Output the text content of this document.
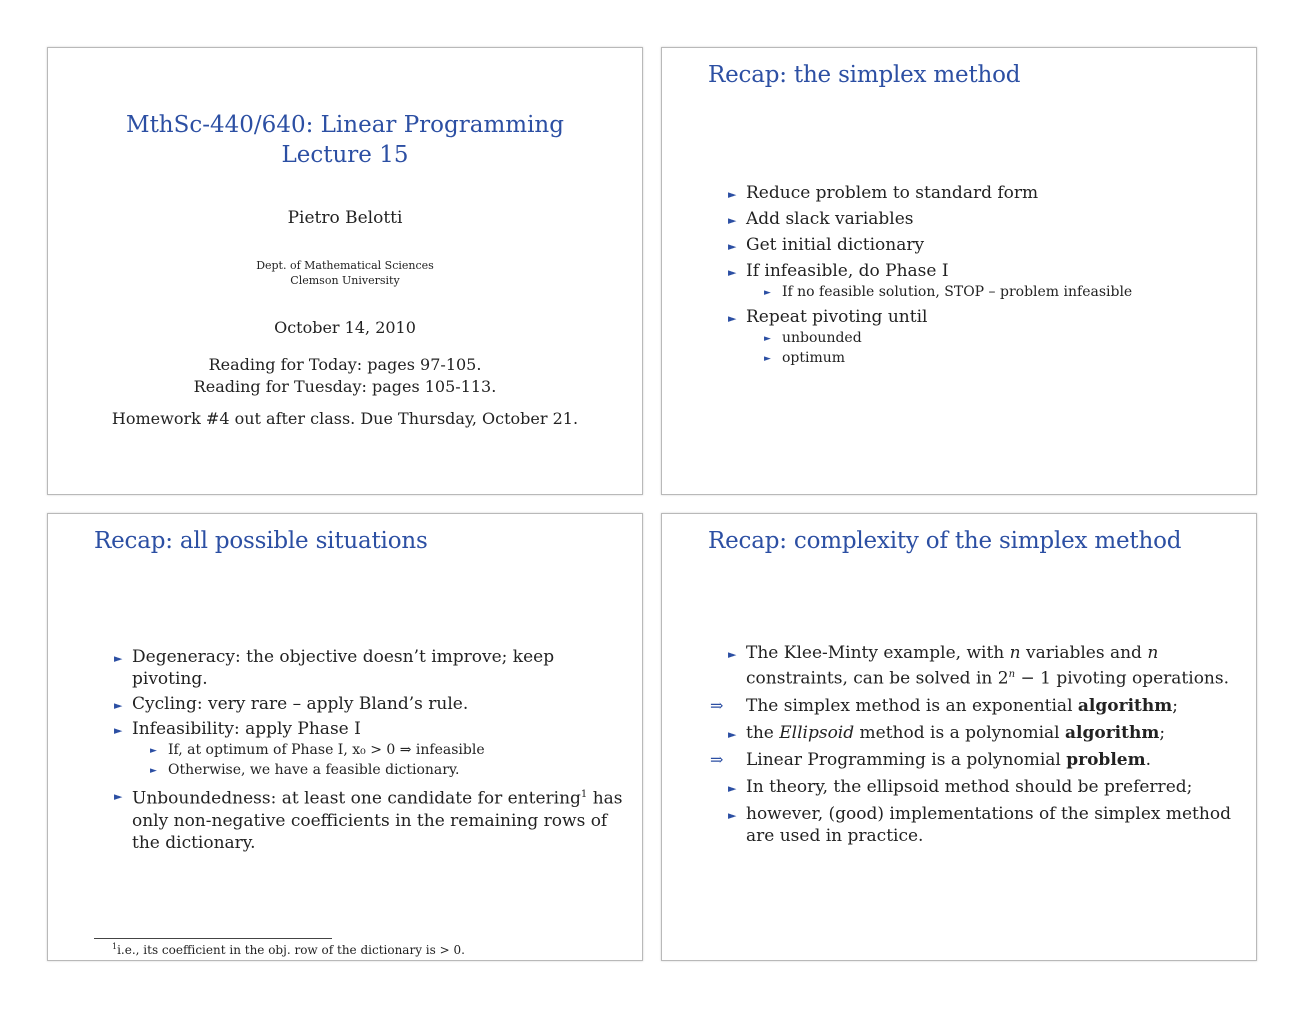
MthSc-440/640: Linear Programming
Lecture 15
Pietro Belotti
Dept. of Mathematical Sciences
Clemson University
October 14, 2010
Reading for Today: pages 97-105.
Reading for Tuesday: pages 105-113.
Homework #4 out after class. Due Thursday, October 21.
Recap: the simplex method
► Reduce problem to standard form
► Add slack variables
► Get initial dictionary
► If infeasible, do Phase I
► If no feasible solution, STOP – problem infeasible
► Repeat pivoting until
► unbounded
► optimum
Recap: all possible situations
► Degeneracy: the objective doesn’t improve; keep pivoting.
► Cycling: very rare – apply Bland’s rule.
► Infeasibility: apply Phase I
► If, at optimum of Phase I, x₀ > 0 ⇒ infeasible
► Otherwise, we have a feasible dictionary.
► Unboundedness: at least one candidate for entering$^1$ has only non-negative coefficients in the remaining rows of the dictionary.
$^1$i.e., its coefficient in the obj. row of the dictionary is > 0.
Recap: complexity of the simplex method
► The Klee-Minty example, with n variables and n constraints, can be solved in $2^n - 1$ pivoting operations.
⇒ The simplex method is an exponential algorithm;
► the Ellipsoid method is a polynomial algorithm;
⇒ Linear Programming is a polynomial problem.
► In theory, the ellipsoid method should be preferred;
► however, (good) implementations of the simplex method are used in practice.
